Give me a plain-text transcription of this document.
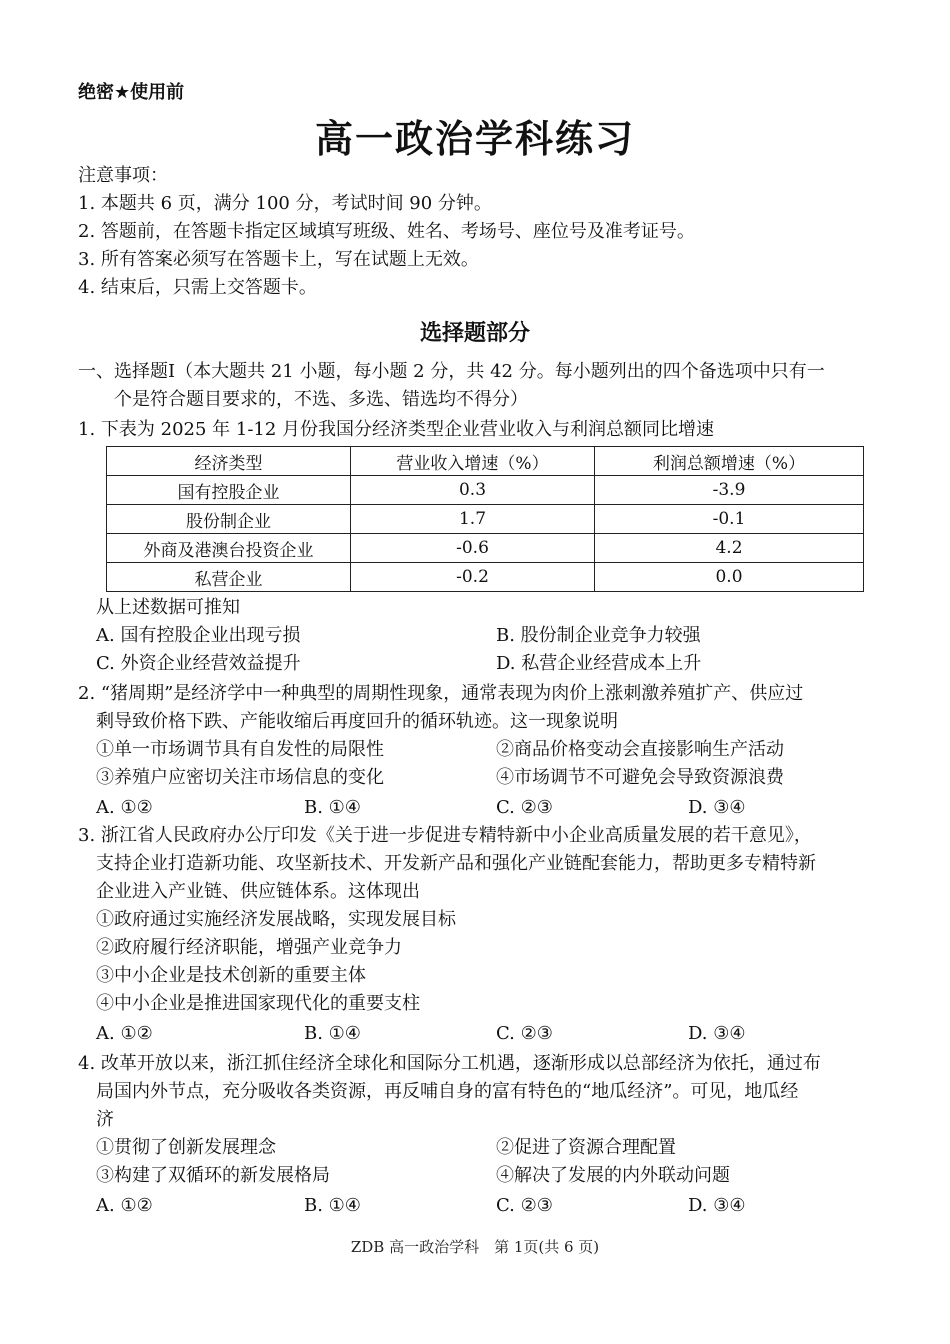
绝密★使用前
高一政治学科练习
注意事项：
1. 本题共 6 页，满分 100 分，考试时间 90 分钟。
2. 答题前，在答题卡指定区域填写班级、姓名、考场号、座位号及准考证号。
3. 所有答案必须写在答题卡上，写在试题上无效。
4. 结束后，只需上交答题卡。
选择题部分
一、选择题Ⅰ（本大题共 21 小题，每小题 2 分，共 42 分。每小题列出的四个备选项中只有一
个是符合题目要求的，不选、多选、错选均不得分）
1. 下表为 2025 年 1-12 月份我国分经济类型企业营业收入与利润总额同比增速
经济类型	营业收入增速（%）	利润总额增速（%）
国有控股企业	0.3	-3.9
股份制企业	1.7	-0.1
外商及港澳台投资企业	-0.6	4.2
私营企业	-0.2	0.0
从上述数据可推知
A. 国有控股企业出现亏损	B. 股份制企业竞争力较强
C. 外资企业经营效益提升	D. 私营企业经营成本上升
2. “猪周期”是经济学中一种典型的周期性现象，通常表现为肉价上涨刺激养殖扩产、供应过
剩导致价格下跌、产能收缩后再度回升的循环轨迹。这一现象说明
①单一市场调节具有自发性的局限性	②商品价格变动会直接影响生产活动
③养殖户应密切关注市场信息的变化	④市场调节不可避免会导致资源浪费
A. ①②	B. ①④	C. ②③	D. ③④
3. 浙江省人民政府办公厅印发《关于进一步促进专精特新中小企业高质量发展的若干意见》，
支持企业打造新功能、攻坚新技术、开发新产品和强化产业链配套能力，帮助更多专精特新
企业进入产业链、供应链体系。这体现出
①政府通过实施经济发展战略，实现发展目标
②政府履行经济职能，增强产业竞争力
③中小企业是技术创新的重要主体
④中小企业是推进国家现代化的重要支柱
A. ①②	B. ①④	C. ②③	D. ③④
4. 改革开放以来，浙江抓住经济全球化和国际分工机遇，逐渐形成以总部经济为依托，通过布
局国内外节点，充分吸收各类资源，再反哺自身的富有特色的“地瓜经济”。可见，地瓜经
济
①贯彻了创新发展理念	②促进了资源合理配置
③构建了双循环的新发展格局	④解决了发展的内外联动问题
A. ①②	B. ①④	C. ②③	D. ③④
ZDB 高一政治学科　第 1页(共 6 页)
